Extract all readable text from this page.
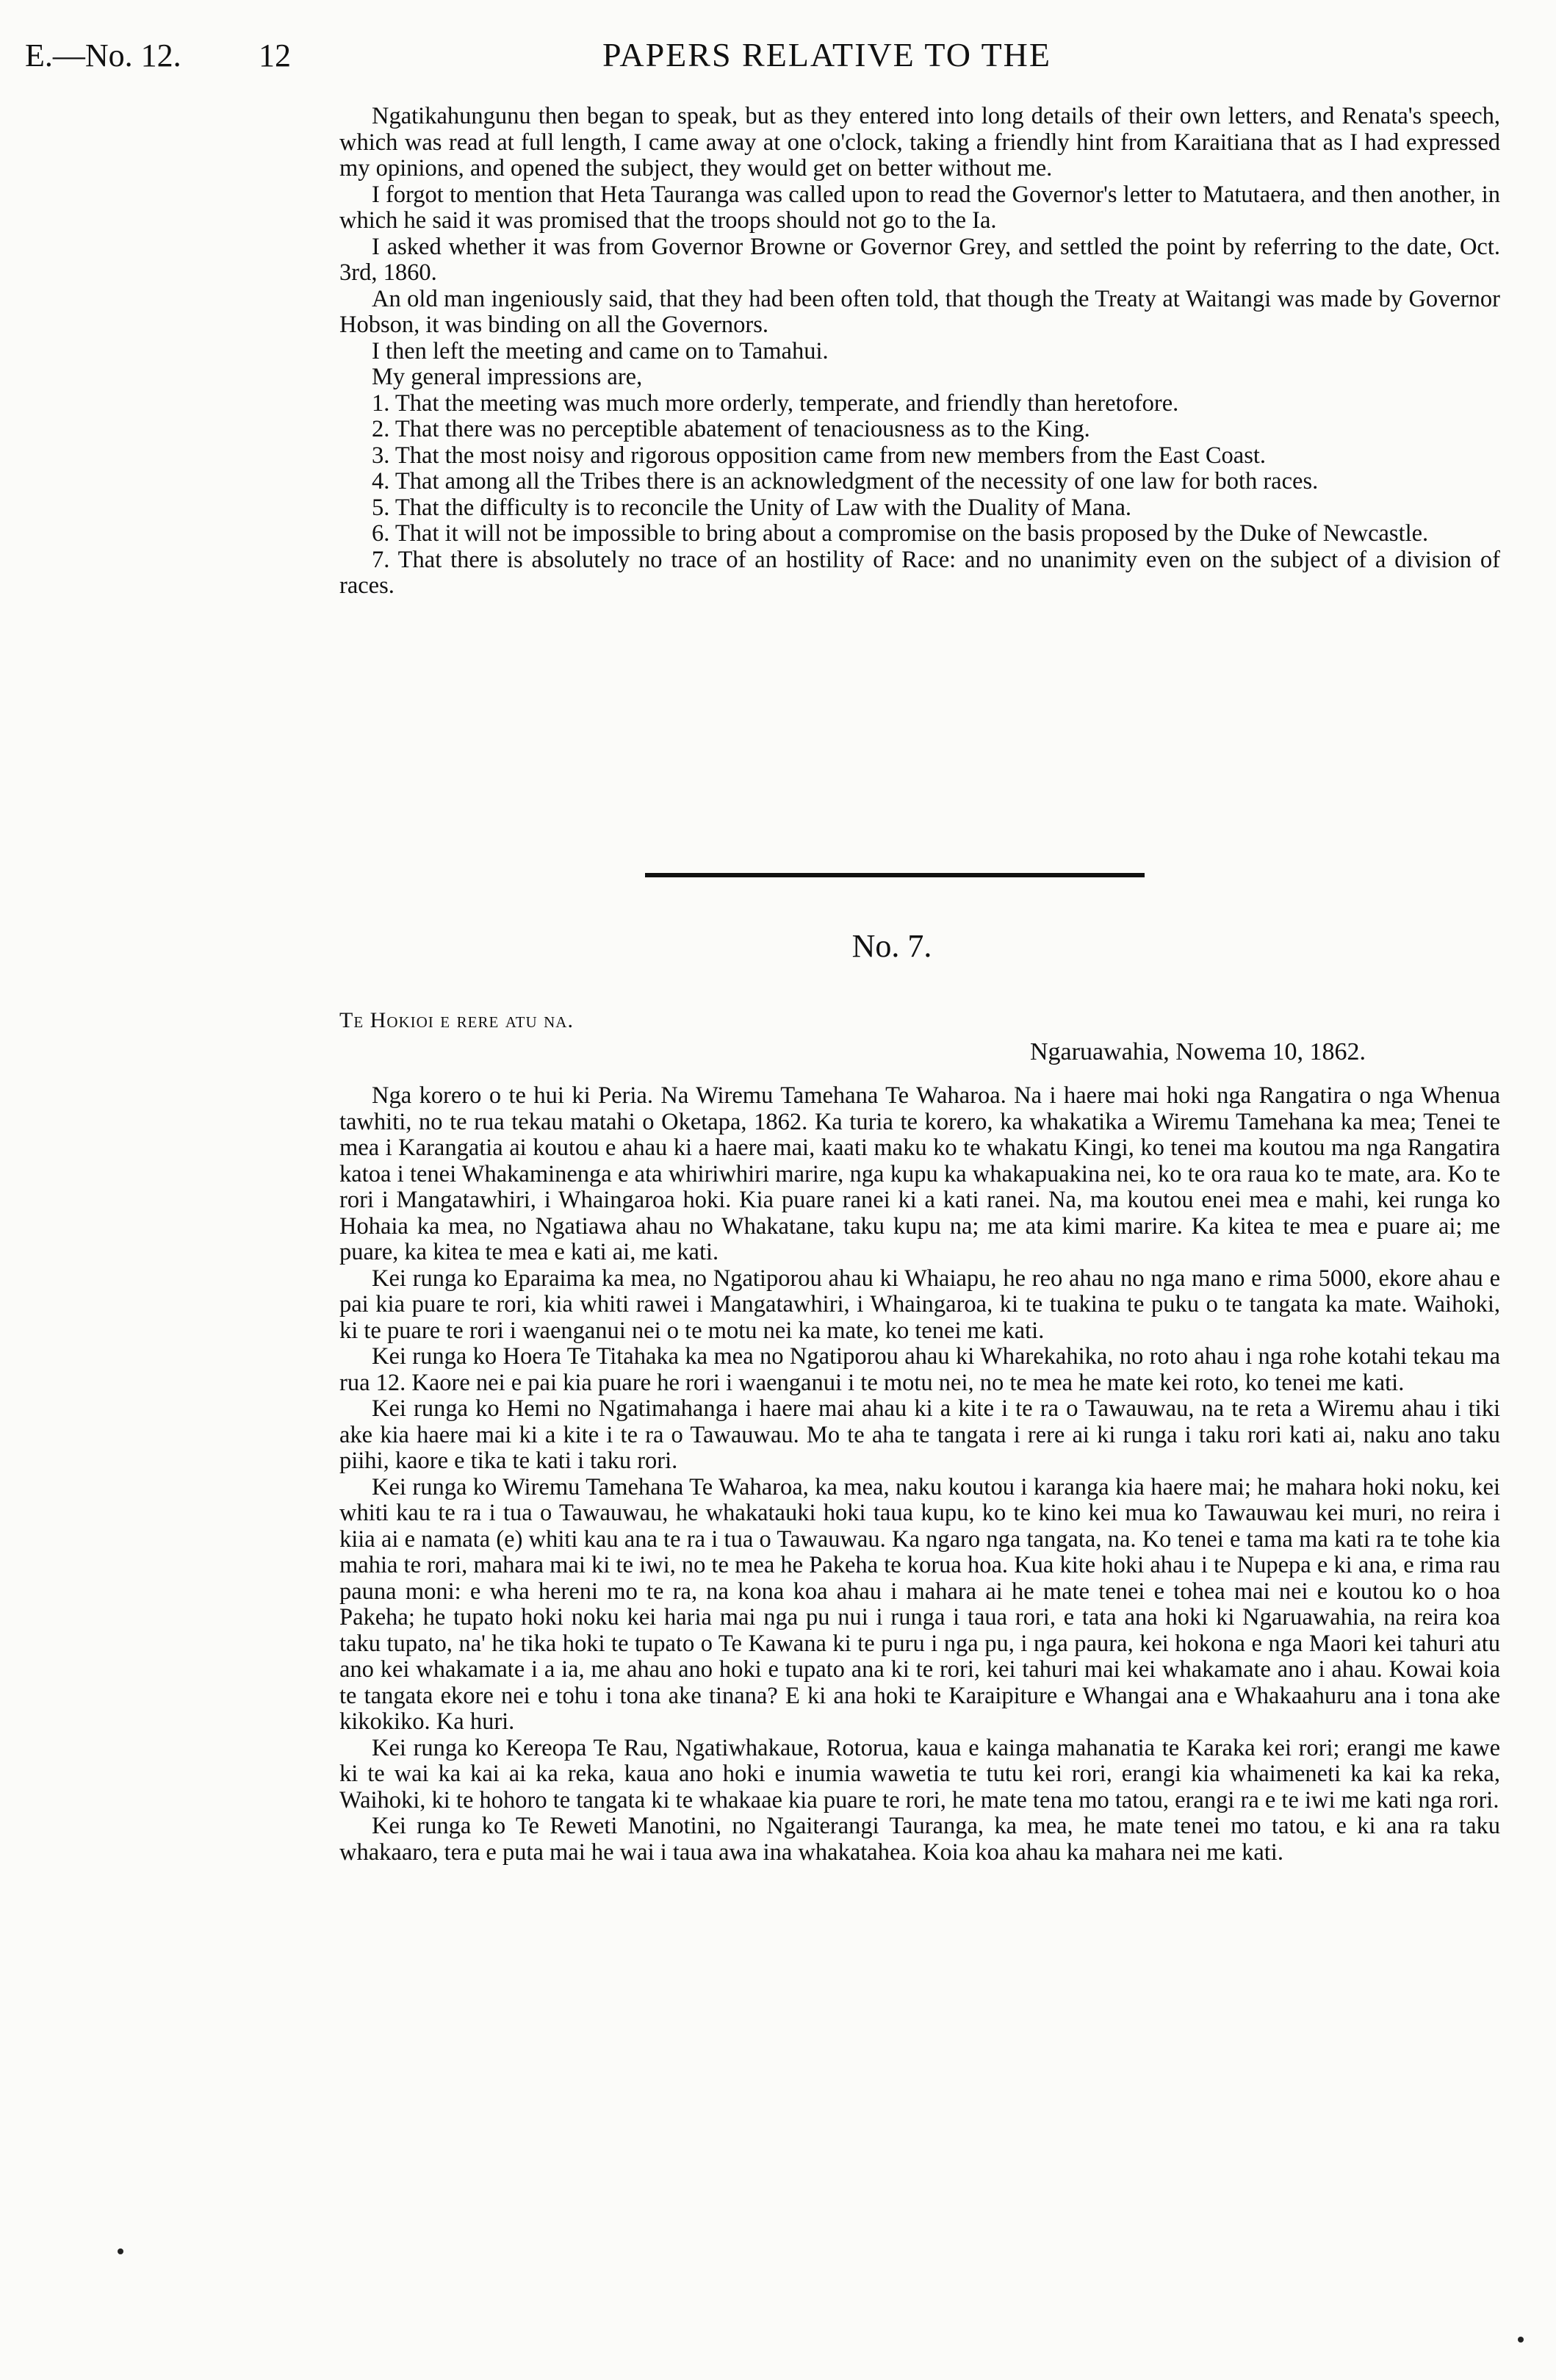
E.—No. 12. 12	PAPERS RELATIVE TO THE

Ngatikahungunu then began to speak, but as they entered into long details of their own letters, and Renata's speech, which was read at full length, I came away at one o'clock, taking a friendly hint from Karaitiana that as I had expressed my opinions, and opened the subject, they would get on better without me.

I forgot to mention that Heta Tauranga was called upon to read the Governor's letter to Matutaera, and then another, in which he said it was promised that the troops should not go to the Ia.

I asked whether it was from Governor Browne or Governor Grey, and settled the point by referring to the date, Oct. 3rd, 1860.

An old man ingeniously said, that they had been often told, that though the Treaty at Waitangi was made by Governor Hobson, it was binding on all the Governors.

I then left the meeting and came on to Tamahui.

My general impressions are,

1. That the meeting was much more orderly, temperate, and friendly than heretofore.

2. That there was no perceptible abatement of tenaciousness as to the King.

3. That the most noisy and rigorous opposition came from new members from the East Coast.

4. That among all the Tribes there is an acknowledgment of the necessity of one law for both races.

5. That the difficulty is to reconcile the Unity of Law with the Duality of Mana.

6. That it will not be impossible to bring about a compromise on the basis proposed by the Duke of Newcastle.

7. That there is absolutely no trace of an hostility of Race: and no unanimity even on the subject of a division of races.

No. 7.
Te Hokioi e rere atu na.
Ngaruawahia, Nowema 10, 1862.

Nga korero o te hui ki Peria. Na Wiremu Tamehana Te Waharoa. Na i haere mai hoki nga Rangatira o nga Whenua tawhiti, no te rua tekau matahi o Oketapa, 1862. Ka turia te korero, ka whakatika a Wiremu Tamehana ka mea; Tenei te mea i Karangatia ai koutou e ahau ki a haere mai, kaati maku ko te whakatu Kingi, ko tenei ma koutou ma nga Rangatira katoa i tenei Whakaminenga e ata whiriwhiri marire, nga kupu ka whakapuakina nei, ko te ora raua ko te mate, ara. Ko te rori i Mangatawhiri, i Whaingaroa hoki. Kia puare ranei ki a kati ranei. Na, ma koutou enei mea e mahi, kei runga ko Hohaia ka mea, no Ngatiawa ahau no Whakatane, taku kupu na; me ata kimi marire. Ka kitea te mea e puare ai; me puare, ka kitea te mea e kati ai, me kati.

Kei runga ko Eparaima ka mea, no Ngatiporou ahau ki Whaiapu, he reo ahau no nga mano e rima 5000, ekore ahau e pai kia puare te rori, kia whiti rawei i Mangatawhiri, i Whaingaroa, ki te tuakina te puku o te tangata ka mate. Waihoki, ki te puare te rori i waenganui nei o te motu nei ka mate, ko tenei me kati.

Kei runga ko Hoera Te Titahaka ka mea no Ngatiporou ahau ki Wharekahika, no roto ahau i nga rohe kotahi tekau ma rua 12. Kaore nei e pai kia puare he rori i waenganui i te motu nei, no te mea he mate kei roto, ko tenei me kati.

Kei runga ko Hemi no Ngatimahanga i haere mai ahau ki a kite i te ra o Tawauwau, na te reta a Wiremu ahau i tiki ake kia haere mai ki a kite i te ra o Tawauwau. Mo te aha te tangata i rere ai ki runga i taku rori kati ai, naku ano taku piihi, kaore e tika te kati i taku rori.

Kei runga ko Wiremu Tamehana Te Waharoa, ka mea, naku koutou i karanga kia haere mai; he mahara hoki noku, kei whiti kau te ra i tua o Tawauwau, he whakatauki hoki taua kupu, ko te kino kei mua ko Tawauwau kei muri, no reira i kiia ai e namata (e) whiti kau ana te ra i tua o Tawauwau. Ka ngaro nga tangata, na. Ko tenei e tama ma kati ra te tohe kia mahia te rori, mahara mai ki te iwi, no te mea he Pakeha te korua hoa. Kua kite hoki ahau i te Nupepa e ki ana, e rima rau pauna moni: e wha hereni mo te ra, na kona koa ahau i mahara ai he mate tenei e tohea mai nei e koutou ko o hoa Pakeha; he tupato hoki noku kei haria mai nga pu nui i runga i taua rori, e tata ana hoki ki Ngaruawahia, na reira koa taku tupato, na' he tika hoki te tupato o Te Kawana ki te puru i nga pu, i nga paura, kei hokona e nga Maori kei tahuri atu ano kei whakamate i a ia, me ahau ano hoki e tupato ana ki te rori, kei tahuri mai kei whakamate ano i ahau. Kowai koia te tangata ekore nei e tohu i tona ake tinana? E ki ana hoki te Karaipiture e Whangai ana e Whakaahuru ana i tona ake kikokiko. Ka huri.

Kei runga ko Kereopa Te Rau, Ngatiwhakaue, Rotorua, kaua e kainga mahanatia te Karaka kei rori; erangi me kawe ki te wai ka kai ai ka reka, kaua ano hoki e inumia wawetia te tutu kei rori, erangi kia whaimeneti ka kai ka reka, Waihoki, ki te hohoro te tangata ki te whakaae kia puare te rori, he mate tena mo tatou, erangi ra e te iwi me kati nga rori.

Kei runga ko Te Reweti Manotini, no Ngaiterangi Tauranga, ka mea, he mate tenei mo tatou, e ki ana ra taku whakaaro, tera e puta mai he wai i taua awa ina whakatahea. Koia koa ahau ka mahara nei me kati.
